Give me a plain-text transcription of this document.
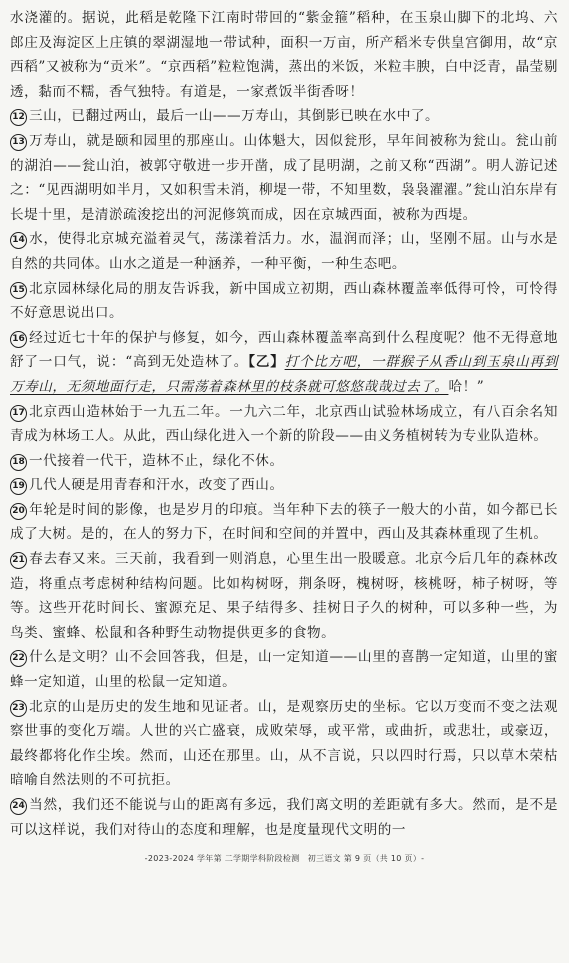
水浇灌的。据说，此稻是乾隆下江南时带回的“紫金箍”稻种，在玉泉山脚下的北坞、六郎庄及海淀区上庄镇的翠湖湿地一带试种，面积一万亩，所产稻米专供皇宫御用，故“京西稻”又被称为“贡米”。“京西稻”粒粒饱满，蒸出的米饭，米粒丰腴，白中泛青，晶莹剔透，黏而不糯，香气独特。有道是，一家煮饭半街香呀！

12 三山，已翻过两山，最后一山——万寿山，其倒影已映在水中了。

13 万寿山，就是颐和园里的那座山。山体魁大，因似瓮形，早年间被称为瓮山。瓮山前的湖泊——瓮山泊，被郭守敬进一步开凿，成了昆明湖，之前又称“西湖”。明人游记述之：“见西湖明如半月，又如积雪未消，柳堤一带，不知里数，袅袅濯濯。”瓮山泊东岸有长堤十里，是清淤疏浚挖出的河泥修筑而成，因在京城西面，被称为西堤。

14 水，使得北京城充溢着灵气，荡漾着活力。水，温润而泽；山，坚刚不屈。山与水是自然的共同体。山水之道是一种涵养，一种平衡，一种生态吧。

15 北京园林绿化局的朋友告诉我，新中国成立初期，西山森林覆盖率低得可怜，可怜得不好意思说出口。

16 经过近七十年的保护与修复，如今，西山森林覆盖率高到什么程度呢？他不无得意地舒了一口气，说：“高到无处造林了。【乙】打个比方吧，一群猴子从香山到玉泉山再到万寿山，无须地面行走，只需荡着森林里的枝条就可悠悠哉哉过去了。哈！”

17 北京西山造林始于一九五二年。一九六二年，北京西山试验林场成立，有八百余名知青成为林场工人。从此，西山绿化进入一个新的阶段——由义务植树转为专业队造林。

18 一代接着一代干，造林不止，绿化不休。

19 几代人硬是用青春和汗水，改变了西山。

20 年轮是时间的影像，也是岁月的印痕。当年种下去的筷子一般大的小苗，如今都已长成了大树。是的，在人的努力下，在时间和空间的并置中，西山及其森林重现了生机。

21 春去春又来。三天前，我看到一则消息，心里生出一股暖意。北京今后几年的森林改造，将重点考虑树种结构问题。比如构树呀，荆条呀，槐树呀，核桃呀，柿子树呀，等等。这些开花时间长、蜜源充足、果子结得多、挂树日子久的树种，可以多种一些，为鸟类、蜜蜂、松鼠和各种野生动物提供更多的食物。

22 什么是文明？山不会回答我，但是，山一定知道——山里的喜鹊一定知道，山里的蜜蜂一定知道，山里的松鼠一定知道。

23 北京的山是历史的发生地和见证者。山，是观察历史的坐标。它以万变而不变之法观察世事的变化万端。人世的兴亡盛衰，成败荣辱，或平常，或曲折，或悲壮，或豪迈，最终都将化作尘埃。然而，山还在那里。山，从不言说，只以四时行焉，只以草木荣枯暗喻自然法则的不可抗拒。

24 当然，我们还不能说与山的距离有多远，我们离文明的差距就有多大。然而，是不是可以这样说，我们对待山的态度和理解，也是度量现代文明的一

-2023-2024 学年第 二学期学科阶段检测　初三语文 第 9 页（共 10 页）-
